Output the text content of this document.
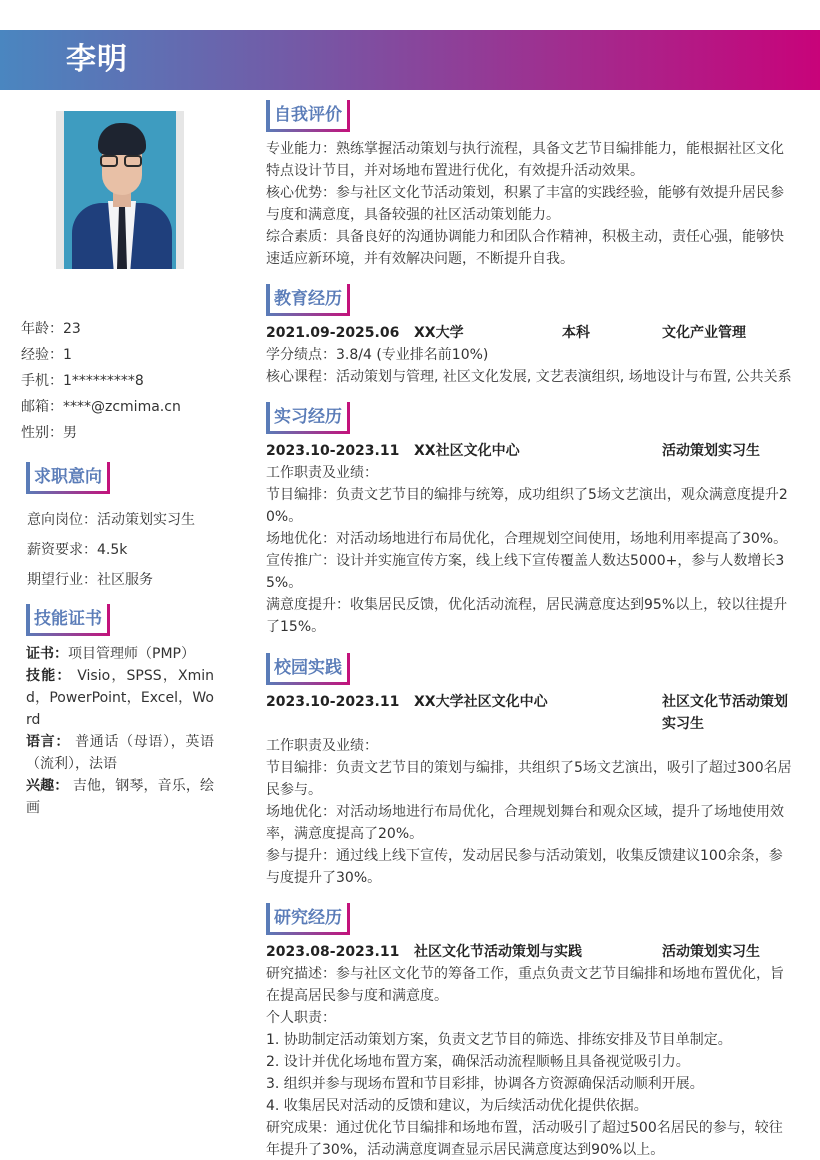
李明
年龄：23
经验：1
手机：1*********8
邮箱：****@zcmima.cn
性别：男
求职意向
意向岗位：活动策划实习生
薪资要求：4.5k
期望行业：社区服务
技能证书
证书：项目管理师（PMP）
技能： Visio，SPSS，Xmind，PowerPoint，Excel，Word
语言： 普通话（母语），英语（流利），法语
兴趣： 吉他，钢琴，音乐，绘画
自我评价
专业能力：熟练掌握活动策划与执行流程，具备文艺节目编排能力，能根据社区文化特点设计节目，并对场地布置进行优化，有效提升活动效果。
核心优势：参与社区文化节活动策划，积累了丰富的实践经验，能够有效提升居民参与度和满意度，具备较强的社区活动策划能力。
综合素质：具备良好的沟通协调能力和团队合作精神，积极主动，责任心强，能够快速适应新环境，并有效解决问题，不断提升自我。
教育经历
2021.09-2025.06 XX大学	本科	文化产业管理
学分绩点：3.8/4 (专业排名前10%)
核心课程：活动策划与管理, 社区文化发展, 文艺表演组织, 场地设计与布置, 公共关系
实习经历
2023.10-2023.11 XX社区文化中心	活动策划实习生
工作职责及业绩：
节目编排：负责文艺节目的编排与统筹，成功组织了5场文艺演出，观众满意度提升20%。
场地优化：对活动场地进行布局优化，合理规划空间使用，场地利用率提高了30%。
宣传推广：设计并实施宣传方案，线上线下宣传覆盖人数达5000+，参与人数增长35%。
满意度提升：收集居民反馈，优化活动流程，居民满意度达到95%以上，较以往提升了15%。
校园实践
2023.10-2023.11 XX大学社区文化中心	社区文化节活动策划实习生
工作职责及业绩：
节目编排：负责文艺节目的策划与编排，共组织了5场文艺演出，吸引了超过300名居民参与。
场地优化：对活动场地进行布局优化，合理规划舞台和观众区域，提升了场地使用效率，满意度提高了20%。
参与提升：通过线上线下宣传，发动居民参与活动策划，收集反馈建议100余条，参与度提升了30%。
研究经历
2023.08-2023.11 社区文化节活动策划与实践	活动策划实习生
研究描述：参与社区文化节的筹备工作，重点负责文艺节目编排和场地布置优化，旨在提高居民参与度和满意度。
个人职责：
1. 协助制定活动策划方案，负责文艺节目的筛选、排练安排及节目单制定。
2. 设计并优化场地布置方案，确保活动流程顺畅且具备视觉吸引力。
3. 组织并参与现场布置和节目彩排，协调各方资源确保活动顺利开展。
4. 收集居民对活动的反馈和建议，为后续活动优化提供依据。
研究成果：通过优化节目编排和场地布置，活动吸引了超过500名居民的参与，较往年提升了30%，活动满意度调查显示居民满意度达到90%以上。
